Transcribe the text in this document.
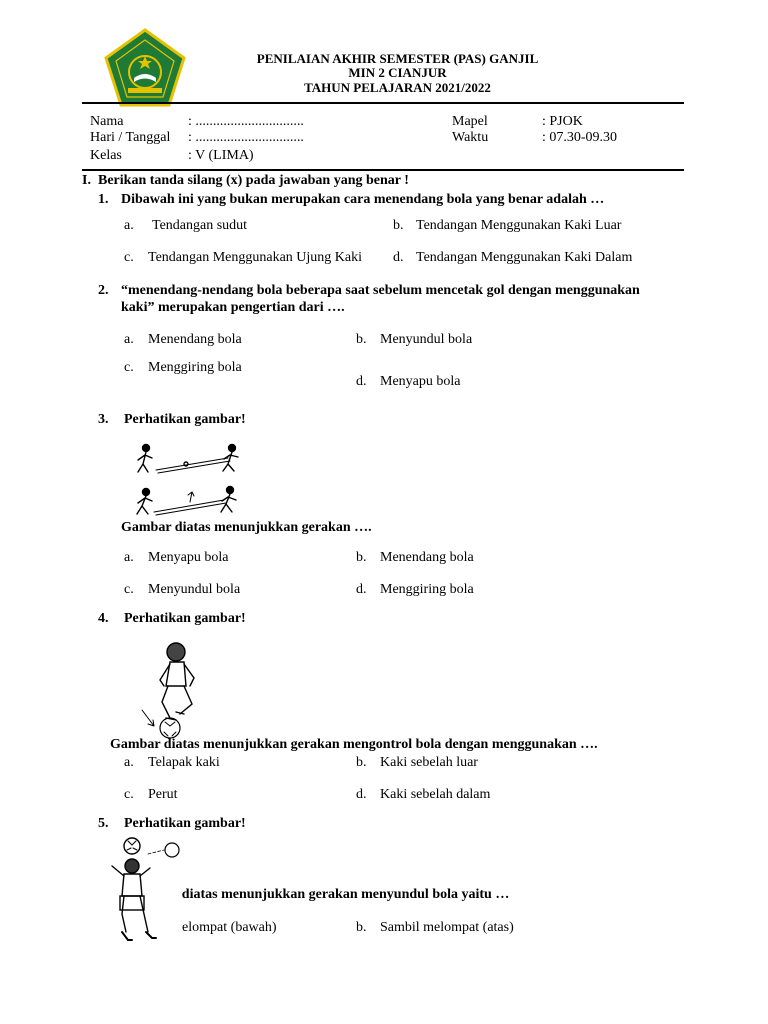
PENILAIAN AKHIR SEMESTER (PAS) GANJIL
MIN 2 CIANJUR
TAHUN PELAJARAN 2021/2022
Nama	: ...............................
Hari / Tanggal : ...............................
Kelas	: V (LIMA)
Mapel	: PJOK
Waktu	: 07.30-09.30
I. Berikan tanda silang (x) pada jawaban yang benar !
1. Dibawah ini yang bukan merupakan cara menendang bola yang benar adalah …
a. Tendangan sudut	b. Tendangan Menggunakan Kaki Luar
c. Tendangan Menggunakan Ujung Kaki d. Tendangan Menggunakan Kaki Dalam
2. “menendang-nendang bola beberapa saat sebelum mencetak gol dengan menggunakan
kaki” merupakan pengertian dari ….
a. Menendang bola	b. Menyundul bola
c. Menggiring bola
d. Menyapu bola
3. Perhatikan gambar!
Gambar diatas menunjukkan gerakan ….
a. Menyapu bola	b. Menendang bola
c. Menyundul bola	d. Menggiring bola
4. Perhatikan gambar!
Gambar diatas menunjukkan gerakan mengontrol bola dengan menggunakan ….
a. Telapak kaki	b. Kaki sebelah luar
c. Perut	d. Kaki sebelah dalam
5. Perhatikan gambar!
Gambar diatas menunjukkan gerakan menyundul bola yaitu …
Sambil melompat (bawah)	b. Sambil melompat (atas)
